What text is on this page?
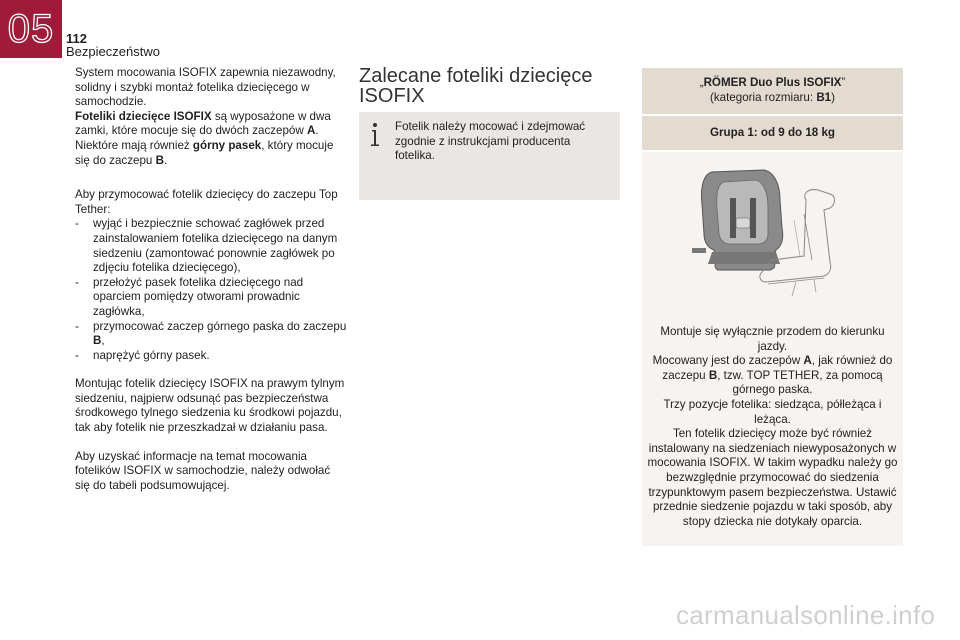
05 112
Bezpieczeństwo

System mocowania ISOFIX zapewnia niezawodny, solidny i szybki montaż fotelika dziecięcego w samochodzie.
Foteliki dziecięce ISOFIX są wyposażone w dwa zamki, które mocuje się do dwóch zaczepów A.
Niektóre mają również górny pasek, który mocuje się do zaczepu B.

Aby przymocować fotelik dziecięcy do zaczepu Top Tether:

-	wyjąć i bezpiecznie schować zagłówek przed zainstalowaniem fotelika dziecięcego na danym siedzeniu (zamontować ponownie zagłówek po zdjęciu fotelika dziecięcego),
-	przełożyć pasek fotelika dziecięcego nad oparciem pomiędzy otworami prowadnic zagłówka,
-	przymocować zaczep górnego paska do zaczepu B,
-	naprężyć górny pasek.

Montując fotelik dziecięcy ISOFIX na prawym tylnym siedzeniu, najpierw odsunąć pas bezpieczeństwa środkowego tylnego siedzenia ku środkowi pojazdu, tak aby fotelik nie przeszkadzał w działaniu pasa.

Aby uzyskać informacje na temat mocowania fotelików ISOFIX w samochodzie, należy odwołać się do tabeli podsumowującej.

Zalecane foteliki dziecięce ISOFIX
Fotelik należy mocować i zdejmować zgodnie z instrukcjami producenta fotelika.
„RÖMER Duo Plus ISOFIX”
(kategoria rozmiaru: B1)
Grupa 1: od 9 do 18 kg
Montuje się wyłącznie przodem do kierunku jazdy.
Mocowany jest do zaczepów A, jak również do zaczepu B, tzw. TOP TETHER, za pomocą górnego paska.
Trzy pozycje fotelika: siedząca, półleżąca i leżąca.
Ten fotelik dziecięcy może być również instalowany na siedzeniach niewyposażonych w mocowania ISOFIX. W takim wypadku należy go bezwzględnie przymocować do siedzenia trzypunktowym pasem bezpieczeństwa. Ustawić przednie siedzenie pojazdu w taki sposób, aby stopy dziecka nie dotykały oparcia.
carmanualsonline.info
